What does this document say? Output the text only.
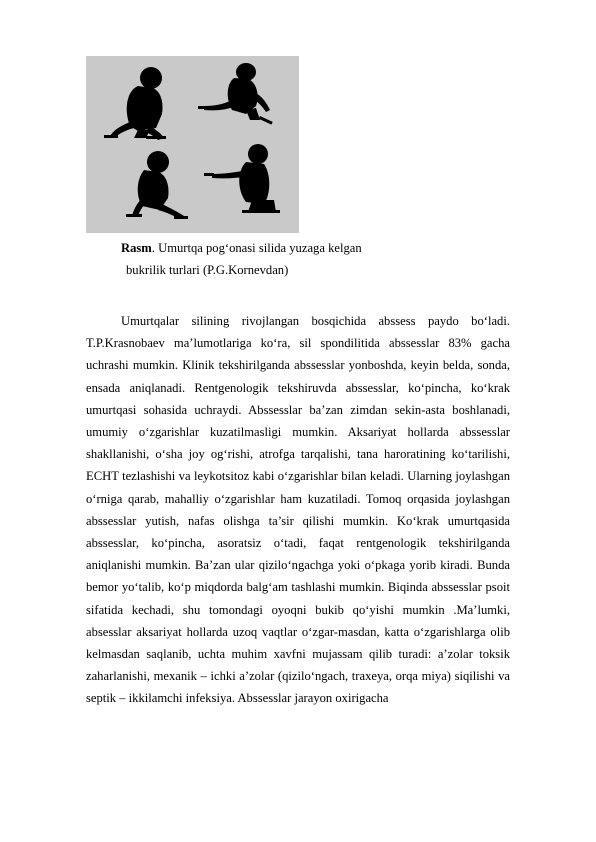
Rasm. Umurtqa pog‘onasi silida yuzaga kelgan
bukrilik turlari (P.G.Kornevdan)

Umurtqalar silining rivojlangan bosqichida abssess paydo bo‘ladi. T.P.Krasnobaev ma’lumotlariga ko‘ra, sil spondilitida abssesslar 83% gacha uchrashi mumkin. Klinik tekshirilganda abssesslar yonboshda, keyin belda, sonda, ensada aniqlanadi. Rentgenologik tekshiruvda abssesslar, ko‘pincha, ko‘krak umurtqasi sohasida uchraydi. Abssesslar ba’zan zimdan sekin-asta boshlanadi, umumiy o‘zgarishlar kuzatilmasligi mumkin. Aksariyat hollarda abssesslar shakllanishi, o‘sha joy og‘rishi, atrofga tarqalishi, tana haroratining ko‘tarilishi, ECHT tezlashishi va leykotsitoz kabi o‘zgarishlar bilan keladi. Ularning joylashgan o‘rniga qarab, mahalliy o‘zgarishlar ham kuzatiladi. Tomoq orqasida joylashgan abssesslar yutish, nafas olishga ta’sir qilishi mumkin. Ko‘krak umurtqasida abssesslar, ko‘pincha, asoratsiz o‘tadi, faqat rentgenologik tekshirilganda aniqlanishi mumkin. Ba’zan ular qizilo‘ngachga yoki o‘pkaga yorib kiradi. Bunda bemor yo‘talib, ko‘p miqdorda balg‘am tashlashi mumkin. Biqinda abssesslar psoit sifatida kechadi, shu tomondagi oyoqni bukib qo‘yishi mumkin .Ma’lumki, absesslar aksariyat hollarda uzoq vaqtlar o‘zgar-masdan, katta o‘zgarishlarga olib kelmasdan saqlanib, uchta muhim xavfni mujassam qilib turadi: a’zolar toksik zaharlanishi, mexanik – ichki a’zolar (qizilo‘ngach, traxeya, orqa miya) siqilishi va septik – ikkilamchi infeksiya. Abssesslar jarayon oxirigacha
